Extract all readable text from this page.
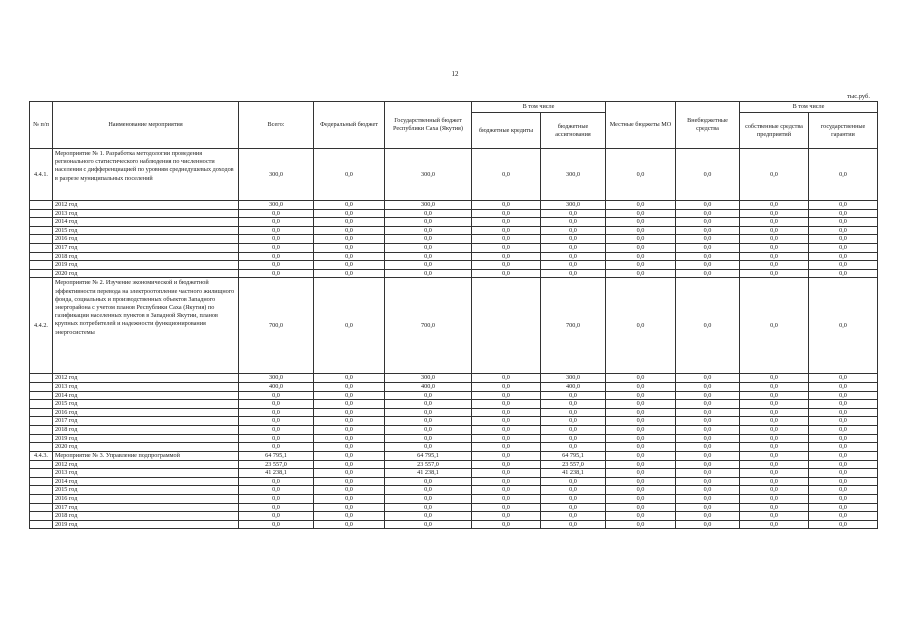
12
тыс.руб.
№ п/п	Наименование мероприятия	Всего:	Федеральный бюджет	Государственный бюджет Республики Саха (Якутия)	В том числе		Местные бюджеты МО	Внебюджетные средства	В том числе	
					бюджетные кредиты	бюджетные ассигнования			собственные средства предприятий	государственные гарантии
4.4.1.	Мероприятие № 1. Разработка методологии проведения регионального статистического наблюдения по численности населения с дифференциацией по уровням среднедушевых доходов в разрезе муниципальных поселений	300,0	0,0	300,0	0,0	300,0	0,0	0,0	0,0	0,0
	2012 год	300,0	0,0	300,0	0,0	300,0	0,0	0,0	0,0	0,0
	2013 год	0,0	0,0	0,0	0,0	0,0	0,0	0,0	0,0	0,0
	2014 год	0,0	0,0	0,0	0,0	0,0	0,0	0,0	0,0	0,0
	2015 год	0,0	0,0	0,0	0,0	0,0	0,0	0,0	0,0	0,0
	2016 год	0,0	0,0	0,0	0,0	0,0	0,0	0,0	0,0	0,0
	2017 год	0,0	0,0	0,0	0,0	0,0	0,0	0,0	0,0	0,0
	2018 год	0,0	0,0	0,0	0,0	0,0	0,0	0,0	0,0	0,0
	2019 год	0,0	0,0	0,0	0,0	0,0	0,0	0,0	0,0	0,0
	2020 год	0,0	0,0	0,0	0,0	0,0	0,0	0,0	0,0	0,0
4.4.2.	Мероприятие № 2. Изучение экономической и бюджетной эффективности перевода на электроотопление частного жилищного фонда, социальных и производственных объектов Западного энергорайона с учетом планов Республики Саха (Якутия) по газификации населенных пунктов в Западной Якутии, планов крупных потребителей и надежности функционирования энергосистемы	700,0	0,0	700,0		700,0	0,0	0,0	0,0	0,0
	2012 год	300,0	0,0	300,0	0,0	300,0	0,0	0,0	0,0	0,0
	2013 год	400,0	0,0	400,0	0,0	400,0	0,0	0,0	0,0	0,0
	2014 год	0,0	0,0	0,0	0,0	0,0	0,0	0,0	0,0	0,0
	2015 год	0,0	0,0	0,0	0,0	0,0	0,0	0,0	0,0	0,0
	2016 год	0,0	0,0	0,0	0,0	0,0	0,0	0,0	0,0	0,0
	2017 год	0,0	0,0	0,0	0,0	0,0	0,0	0,0	0,0	0,0
	2018 год	0,0	0,0	0,0	0,0	0,0	0,0	0,0	0,0	0,0
	2019 год	0,0	0,0	0,0	0,0	0,0	0,0	0,0	0,0	0,0
	2020 год	0,0	0,0	0,0	0,0	0,0	0,0	0,0	0,0	0,0
4.4.3.	Мероприятие № 3. Управление подпрограммой	64 795,1	0,0	64 795,1	0,0	64 795,1	0,0	0,0	0,0	0,0
	2012 год	23 557,0	0,0	23 557,0	0,0	23 557,0	0,0	0,0	0,0	0,0
	2013 год	41 238,1	0,0	41 238,1	0,0	41 238,1	0,0	0,0	0,0	0,0
	2014 год	0,0	0,0	0,0	0,0	0,0	0,0	0,0	0,0	0,0
	2015 год	0,0	0,0	0,0	0,0	0,0	0,0	0,0	0,0	0,0
	2016 год	0,0	0,0	0,0	0,0	0,0	0,0	0,0	0,0	0,0
	2017 год	0,0	0,0	0,0	0,0	0,0	0,0	0,0	0,0	0,0
	2018 год	0,0	0,0	0,0	0,0	0,0	0,0	0,0	0,0	0,0
	2019 год	0,0	0,0	0,0	0,0	0,0	0,0	0,0	0,0	0,0
